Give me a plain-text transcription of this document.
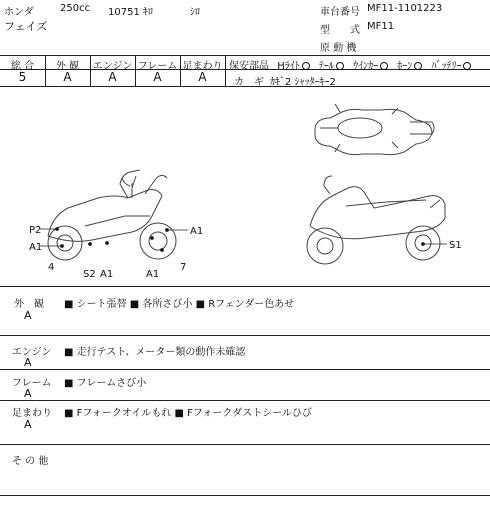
ホンダ
フェイズ
250cc 10751 ｷﾛ	ｼﾛ	車台番号 MF11-1101223
型　　式 MF11
原 動 機
総 合	外 観	エンジン フレーム 足まわり
5	A	A	A	A
保安部品 Hﾗｲﾄ ﾃｰﾙ ｳｲﾝｶｰ ﾎｰﾝ ﾊﾞｯﾃﾘｰ
カ　ギ ｶｷﾞ2 ｼｬｯﾀｰｷｰ2
P2
A1
A1
4
S2 A1	A1
7
S1
外　観
A
■ シート張替 ■ 各所さび小 ■ Rフェンダー色あせ
エンジン
A
■ 走行テスト、メーター類の動作未確認
フレーム
A
■ フレームさび小
足まわり
A
■ Fフォークオイルもれ ■ Fフォークダストシールひび
そ の 他
